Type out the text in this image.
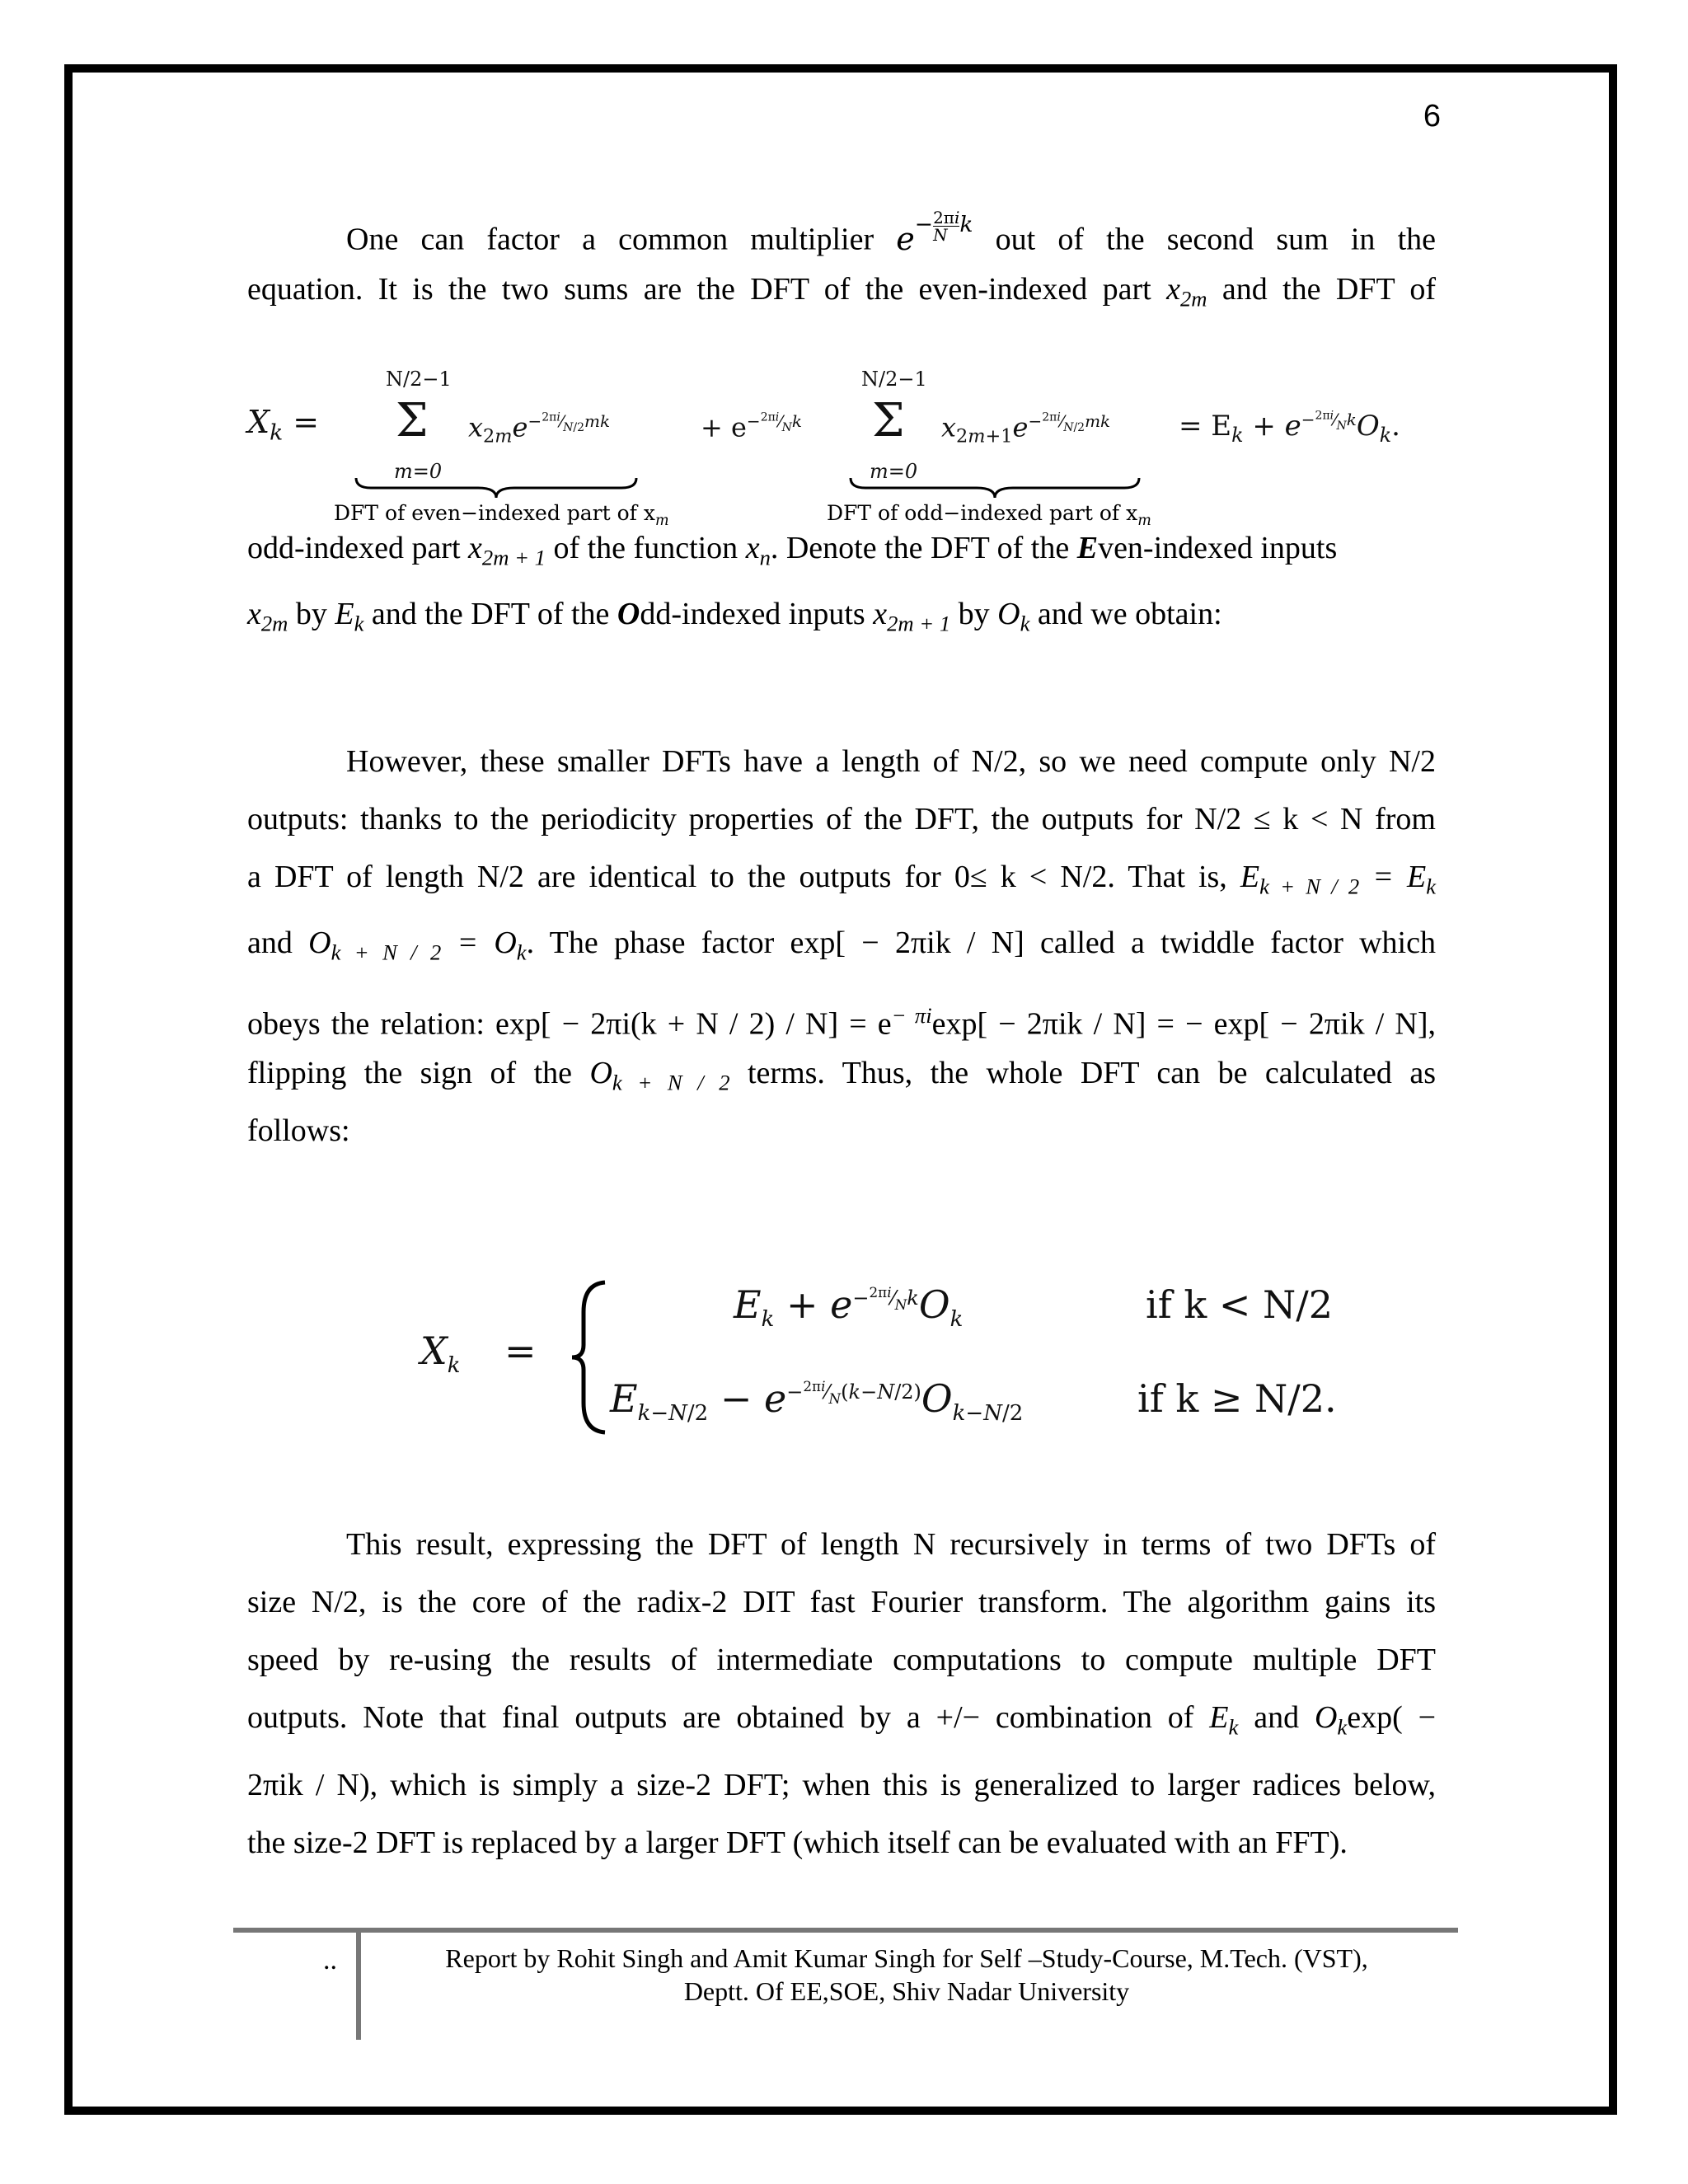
6
One can factor a common multiplier $e^{- \frac{2\pi i}{N} k}$ out of the second sum in the
equation. It is the two sums are the DFT of the even-indexed part $x_{2m}$ and the DFT of
$X_k$ =
N/2−1
Σ
m=0
$x_{2m}e^{-^{2\pi i}⁄_{N/2}mk}$	+ $e^{-^{2\pi i}⁄_Nk}$
N/2−1
Σ
m=0
$x_{2m+1}e^{-^{2\pi i}⁄_{N/2}mk} = E_k + e^{-^{2\pi i}⁄_Nk}O_k$.
DFT of even−indexed part of $x_m$	DFT of odd−indexed part of $x_m$
odd-indexed part $x_{2m + 1}$ of the function $x_n$. Denote the DFT of the Even-indexed inputs
$x_{2m}$ by $E_k$ and the DFT of the Odd-indexed inputs $x_{2m + 1}$ by $O_k$ and we obtain:
However, these smaller DFTs have a length of N/2, so we need compute only N/2
outputs: thanks to the periodicity properties of the DFT, the outputs for N/2 ≤ k < N from
a DFT of length N/2 are identical to the outputs for 0≤ k < N/2. That is, $E_{k + N / 2} = E_k$
and $O_{k + N / 2} = O_k$. The phase factor exp[ − 2πik / N] called a twiddle factor which
obeys the relation: $\exp[ - 2\pi i(k + N / 2) / N] = e^{- \pi i}\exp[ - 2\pi ik / N]$ = − exp[ − 2πik / N],
flipping the sign of the $O_{k + N / 2}$ terms. Thus, the whole DFT can be calculated as
follows:
$X_k$ =
$E_k + e^{-^{2\pi i}⁄_Nk}O_k$	if k < N/2
$E_{k-N/2} - e^{-^{2\pi i}⁄_N(k-N/2)}O_{k-N/2}$	if k ≥ N/2.
This result, expressing the DFT of length N recursively in terms of two DFTs of
size N/2, is the core of the radix-2 DIT fast Fourier transform. The algorithm gains its
speed by re-using the results of intermediate computations to compute multiple DFT
outputs. Note that final outputs are obtained by a +/− combination of $E_k$ and $O_k\exp$( −
2πik / N), which is simply a size-2 DFT; when this is generalized to larger radices below,
the size-2 DFT is replaced by a larger DFT (which itself can be evaluated with an FFT).
..	Report by Rohit Singh and Amit Kumar Singh for Self –Study-Course, M.Tech. (VST),
Deptt. Of EE,SOE, Shiv Nadar University
